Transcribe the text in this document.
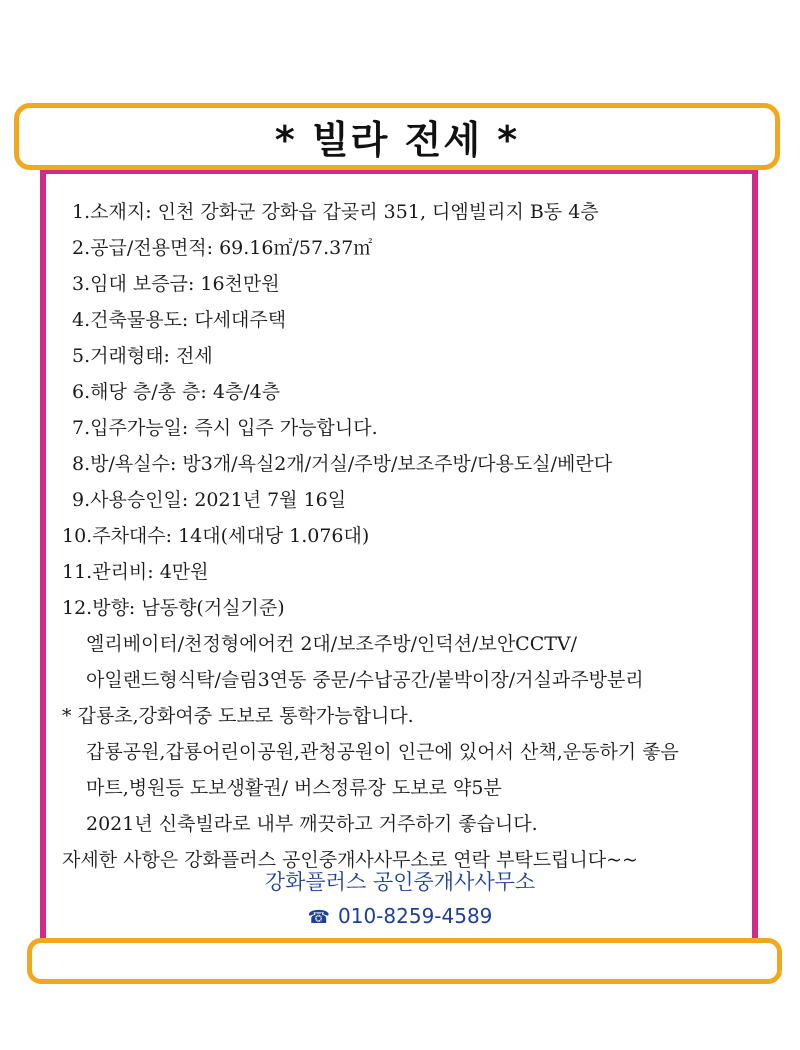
* 빌라 전세 *
1.소재지: 인천 강화군 강화읍 갑곶리 351, 디엠빌리지 B동 4층
2.공급/전용면적: 69.16㎡/57.37㎡
3.임대 보증금: 16천만원
4.건축물용도: 다세대주택
5.거래형태: 전세
6.해당 층/총 층: 4층/4층
7.입주가능일: 즉시 입주 가능합니다.
8.방/욕실수: 방3개/욕실2개/거실/주방/보조주방/다용도실/베란다
9.사용승인일: 2021년 7월 16일
10.주차대수: 14대(세대당 1.076대)
11.관리비: 4만원
12.방향: 남동향(거실기준)
엘리베이터/천정형에어컨 2대/보조주방/인덕션/보안CCTV/
아일랜드형식탁/슬림3연동 중문/수납공간/붙박이장/거실과주방분리
* 갑룡초,강화여중 도보로 통학가능합니다.
갑룡공원,갑룡어린이공원,관청공원이 인근에 있어서 산책,운동하기 좋음
마트,병원등 도보생활권/ 버스정류장 도보로 약5분
2021년 신축빌라로 내부 깨끗하고 거주하기 좋습니다.
자세한 사항은 강화플러스 공인중개사사무소로 연락 부탁드립니다~~
강화플러스 공인중개사사무소
☎ 010-8259-4589
